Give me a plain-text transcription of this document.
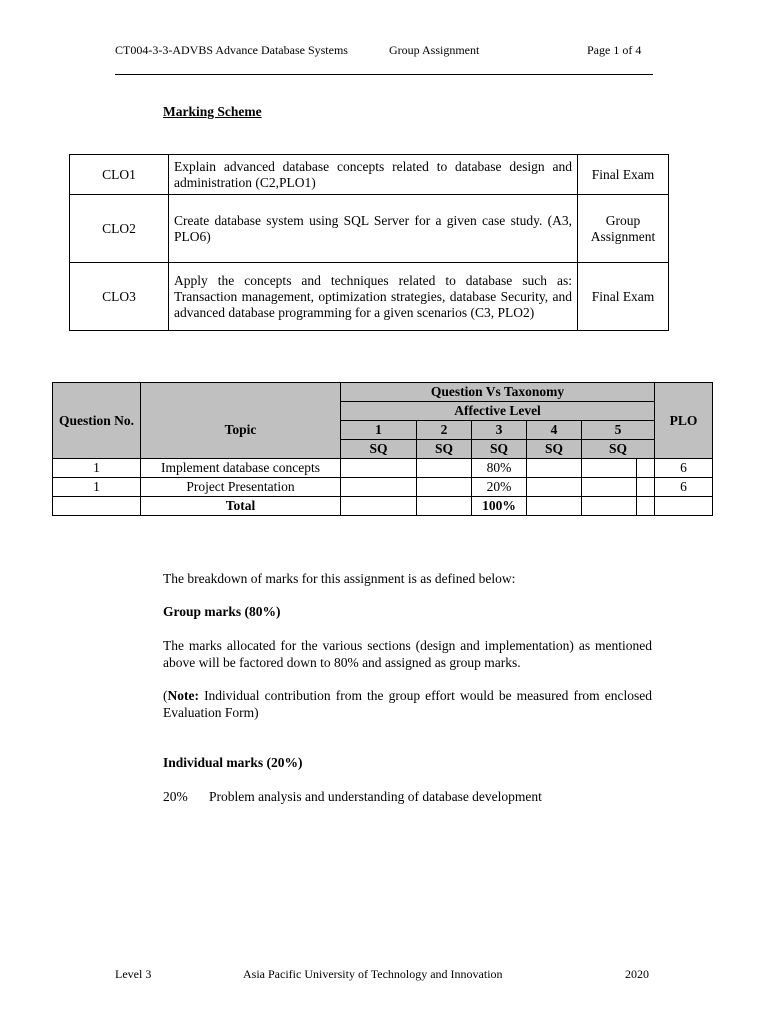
CT004-3-3-ADVBS Advance Database Systems	Group Assignment	Page 1 of 4
Marking Scheme
CLO1	Explain advanced database concepts related to database design and administration (C2,PLO1)	Final Exam
CLO2	Create database system using SQL Server for a given case study. (A3, PLO6)	Group Assignment
CLO3	Apply the concepts and techniques related to database such as: Transaction management, optimization strategies, database Security, and advanced database programming for a given scenarios (C3, PLO2)	Final Exam
Question No.		Question Vs Taxonomy						PLO
	Topic	Affective Level						
		1	2	3	4	5		
		SQ	SQ	SQ	SQ	SQ		
1	Implement database concepts			80%				6
1	Project Presentation			20%				6
	Total			100%				
The breakdown of marks for this assignment is as defined below:
Group marks (80%)
The marks allocated for the various sections (design and implementation) as mentioned above will be factored down to 80% and assigned as group marks.
(Note: Individual contribution from the group effort would be measured from enclosed Evaluation Form)
Individual marks (20%)
20% Problem analysis and understanding of database development
Level 3	Asia Pacific University of Technology and Innovation	2020
